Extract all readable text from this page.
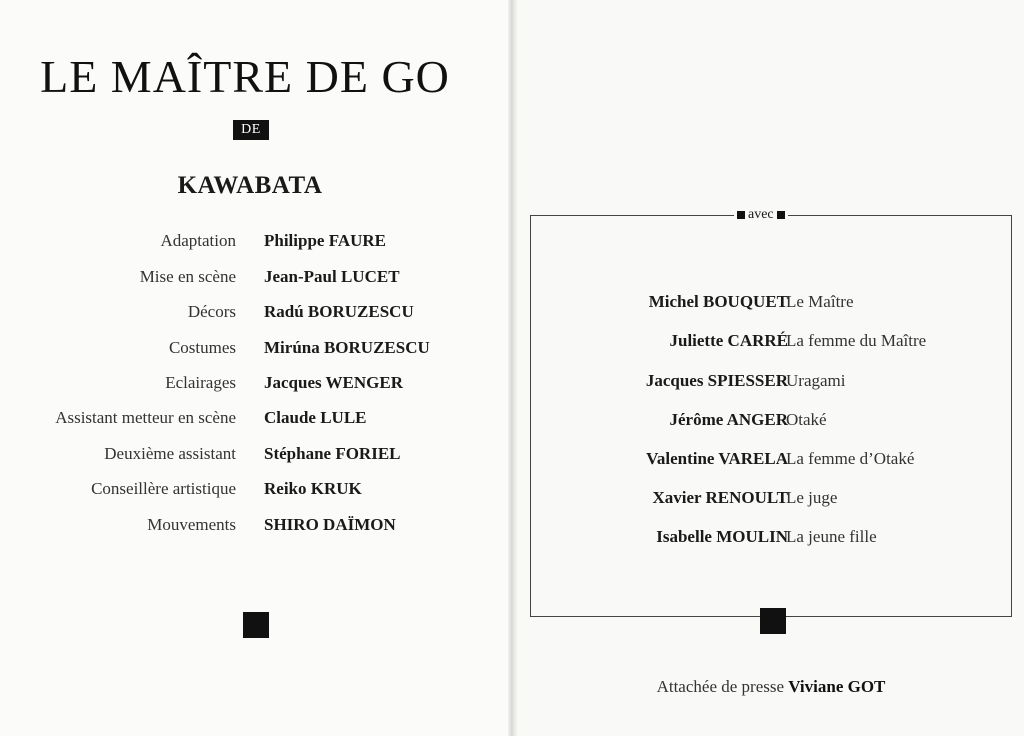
LE MAÎTRE DE GO
DE
KAWABATA
Adaptation Philippe FAURE
Mise en scène Jean-Paul LUCET
Décors Radú BORUZESCU
Costumes Mirúna BORUZESCU
Eclairages Jacques WENGER
Assistant metteur en scène Claude LULE
Deuxième assistant Stéphane FORIEL
Conseillère artistique Reiko KRUK
Mouvements SHIRO DAÏMON
avec
Michel BOUQUET
Le Maître
Juliette CARRÉ
La femme du Maître
Jacques SPIESSER
Uragami
Jérôme ANGER
Otaké
Valentine VARELA
La femme d’Otaké
Xavier RENOULT
Le juge
Isabelle MOULIN
La jeune fille
Attachée de presse Viviane GOT
